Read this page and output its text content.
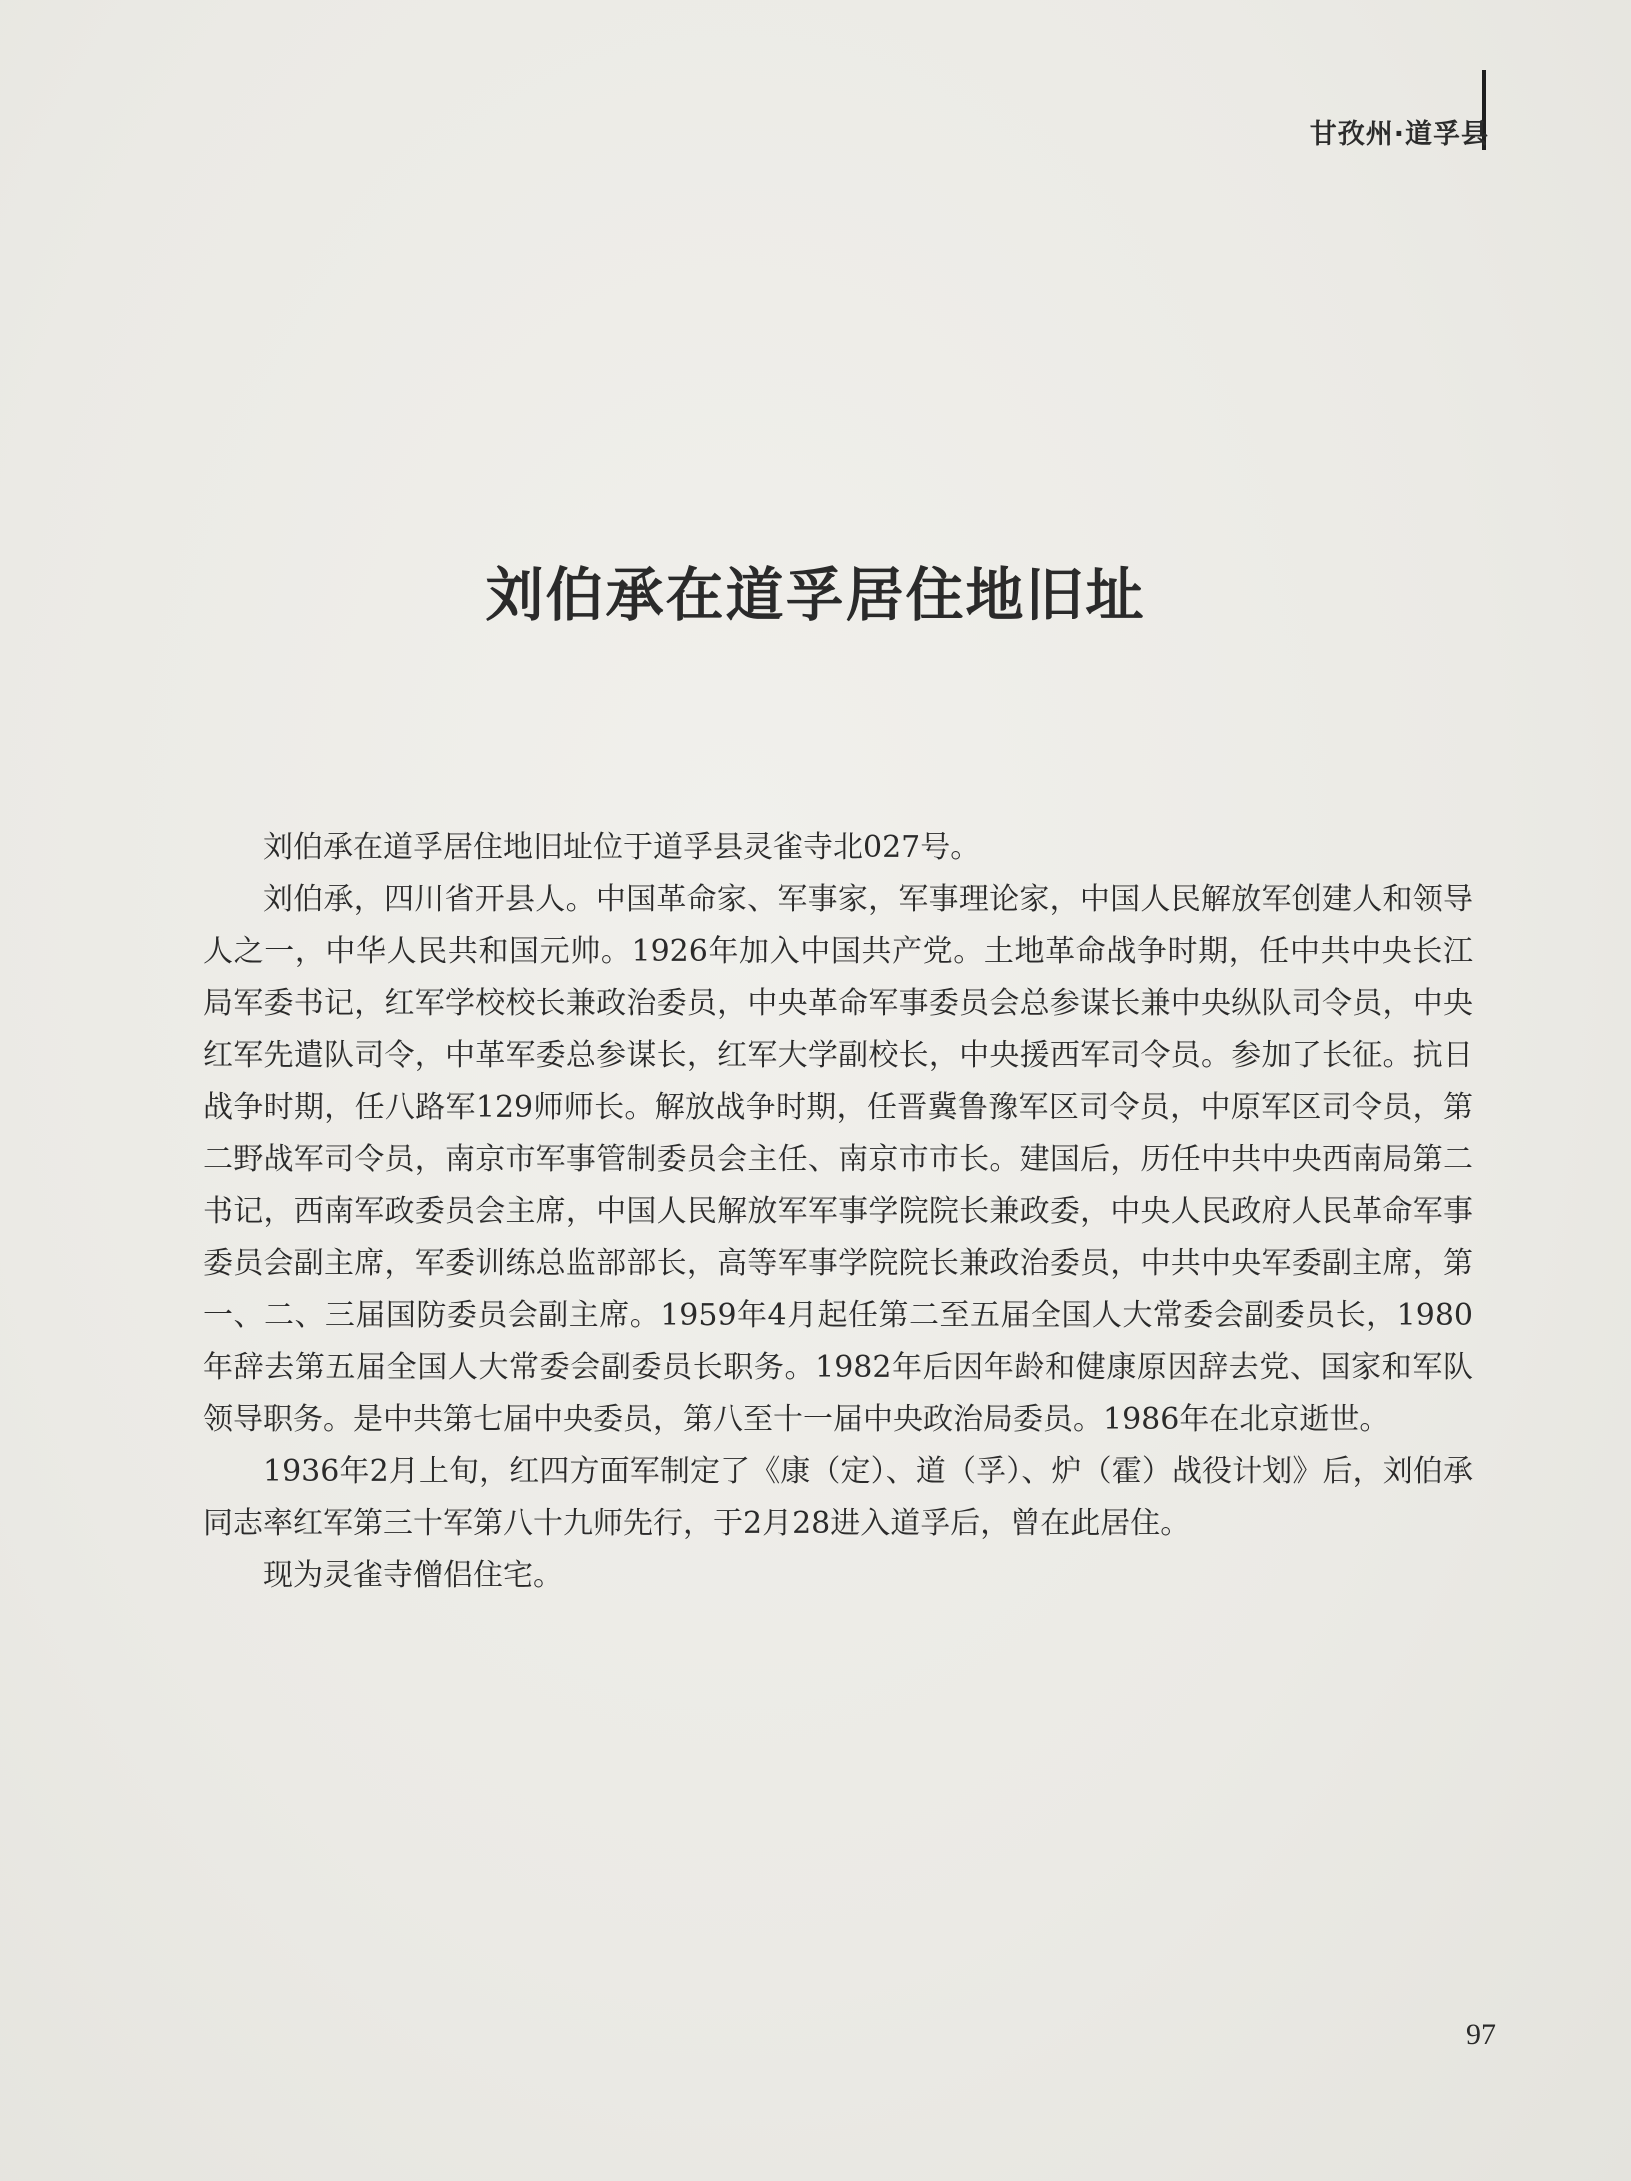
甘孜州·道孚县
刘伯承在道孚居住地旧址

刘伯承在道孚居住地旧址位于道孚县灵雀寺北027号。

刘伯承，四川省开县人。中国革命家、军事家，军事理论家，中国人民解放军创建人和领导人之一，中华人民共和国元帅。1926年加入中国共产党。土地革命战争时期，任中共中央长江局军委书记，红军学校校长兼政治委员，中央革命军事委员会总参谋长兼中央纵队司令员，中央红军先遣队司令，中革军委总参谋长，红军大学副校长，中央援西军司令员。参加了长征。抗日战争时期，任八路军129师师长。解放战争时期，任晋冀鲁豫军区司令员，中原军区司令员，第二野战军司令员，南京市军事管制委员会主任、南京市市长。建国后，历任中共中央西南局第二书记，西南军政委员会主席，中国人民解放军军事学院院长兼政委，中央人民政府人民革命军事委员会副主席，军委训练总监部部长，高等军事学院院长兼政治委员，中共中央军委副主席，第一、二、三届国防委员会副主席。1959年4月起任第二至五届全国人大常委会副委员长，1980年辞去第五届全国人大常委会副委员长职务。1982年后因年龄和健康原因辞去党、国家和军队领导职务。是中共第七届中央委员，第八至十一届中央政治局委员。1986年在北京逝世。

1936年2月上旬，红四方面军制定了《康（定）、道（孚）、炉（霍）战役计划》后，刘伯承同志率红军第三十军第八十九师先行，于2月28进入道孚后，曾在此居住。

现为灵雀寺僧侣住宅。

97
